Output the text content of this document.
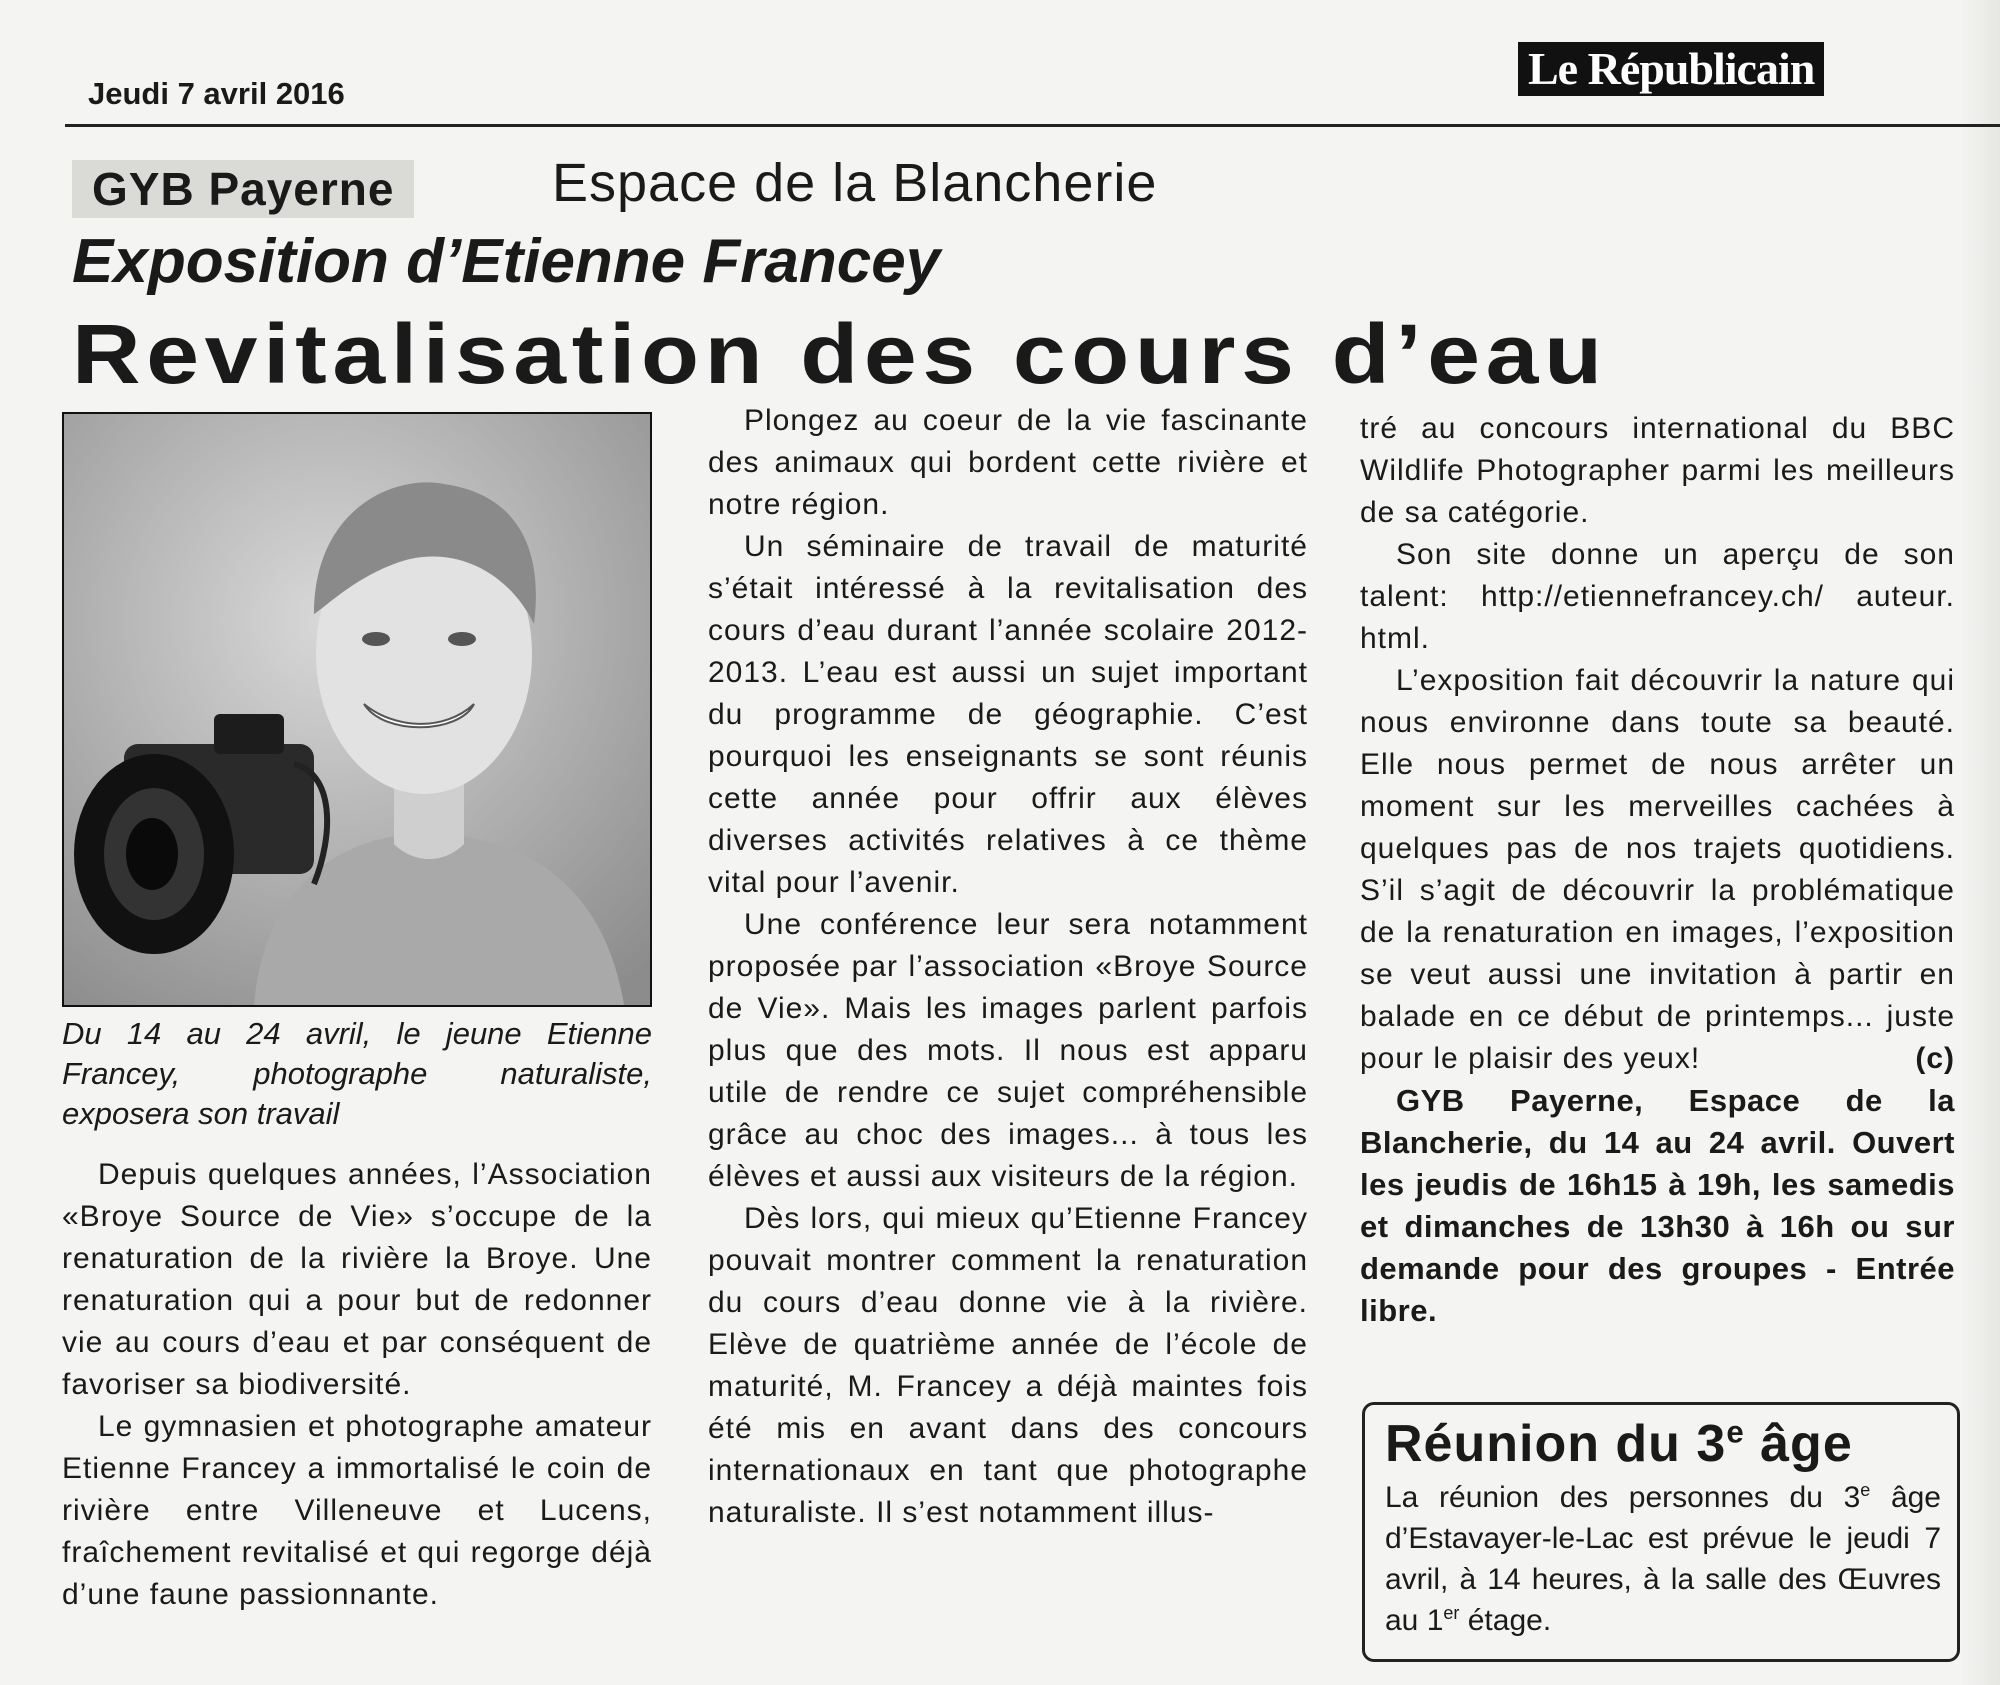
Jeudi 7 avril 2016	Le Républicain
GYB Payerne	Espace de la Blancherie
Exposition d’Etienne Francey
Revitalisation des cours d’eau
Du 14 au 24 avril, le jeune Etienne Francey, photographe naturaliste, exposera son travail

Depuis quelques années, l’Association «Broye Source de Vie» s’occupe de la renaturation de la rivière la Broye. Une renaturation qui a pour but de redonner vie au cours d’eau et par conséquent de favoriser sa biodiversité.

Le gymnasien et photographe amateur Etienne Francey a immortalisé le coin de rivière entre Villeneuve et Lucens, fraîchement revitalisé et qui regorge déjà d’une faune passionnante.

Plongez au coeur de la vie fascinante des animaux qui bordent cette rivière et notre région.

Un séminaire de travail de maturité s’était intéressé à la revitalisation des cours d’eau durant l’année scolaire 2012-2013. L’eau est aussi un sujet important du programme de géographie. C’est pourquoi les enseignants se sont réunis cette année pour offrir aux élèves diverses activités relatives à ce thème vital pour l’avenir.

Une conférence leur sera notamment proposée par l’association «Broye Source de Vie». Mais les images parlent parfois plus que des mots. Il nous est apparu utile de rendre ce sujet compréhensible grâce au choc des images... à tous les élèves et aussi aux visiteurs de la région.

Dès lors, qui mieux qu’Etienne Francey pouvait montrer comment la renaturation du cours d’eau donne vie à la rivière. Elève de quatrième année de l’école de maturité, M. Francey a déjà maintes fois été mis en avant dans des concours internationaux en tant que photographe naturaliste. Il s’est notamment illus-

tré au concours international du BBC Wildlife Photographer parmi les meilleurs de sa catégorie.

Son site donne un aperçu de son talent: http://etiennefrancey.ch/ auteur. html.

L’exposition fait découvrir la nature qui nous environne dans toute sa beauté. Elle nous permet de nous arrêter un moment sur les merveilles cachées à quelques pas de nos trajets quotidiens. S’il s’agit de découvrir la problématique de la renaturation en images, l’exposition se veut aussi une invitation à partir en balade en ce début de printemps... juste pour le plaisir des yeux!	(c)

GYB Payerne, Espace de la Blancherie, du 14 au 24 avril. Ouvert les jeudis de 16h15 à 19h, les samedis et dimanches de 13h30 à 16h ou sur demande pour des groupes - Entrée libre.

Réunion du 3e âge

La réunion des personnes du 3e âge d’Estavayer-le-Lac est prévue le jeudi 7 avril, à 14 heures, à la salle des Œuvres au 1er étage.
